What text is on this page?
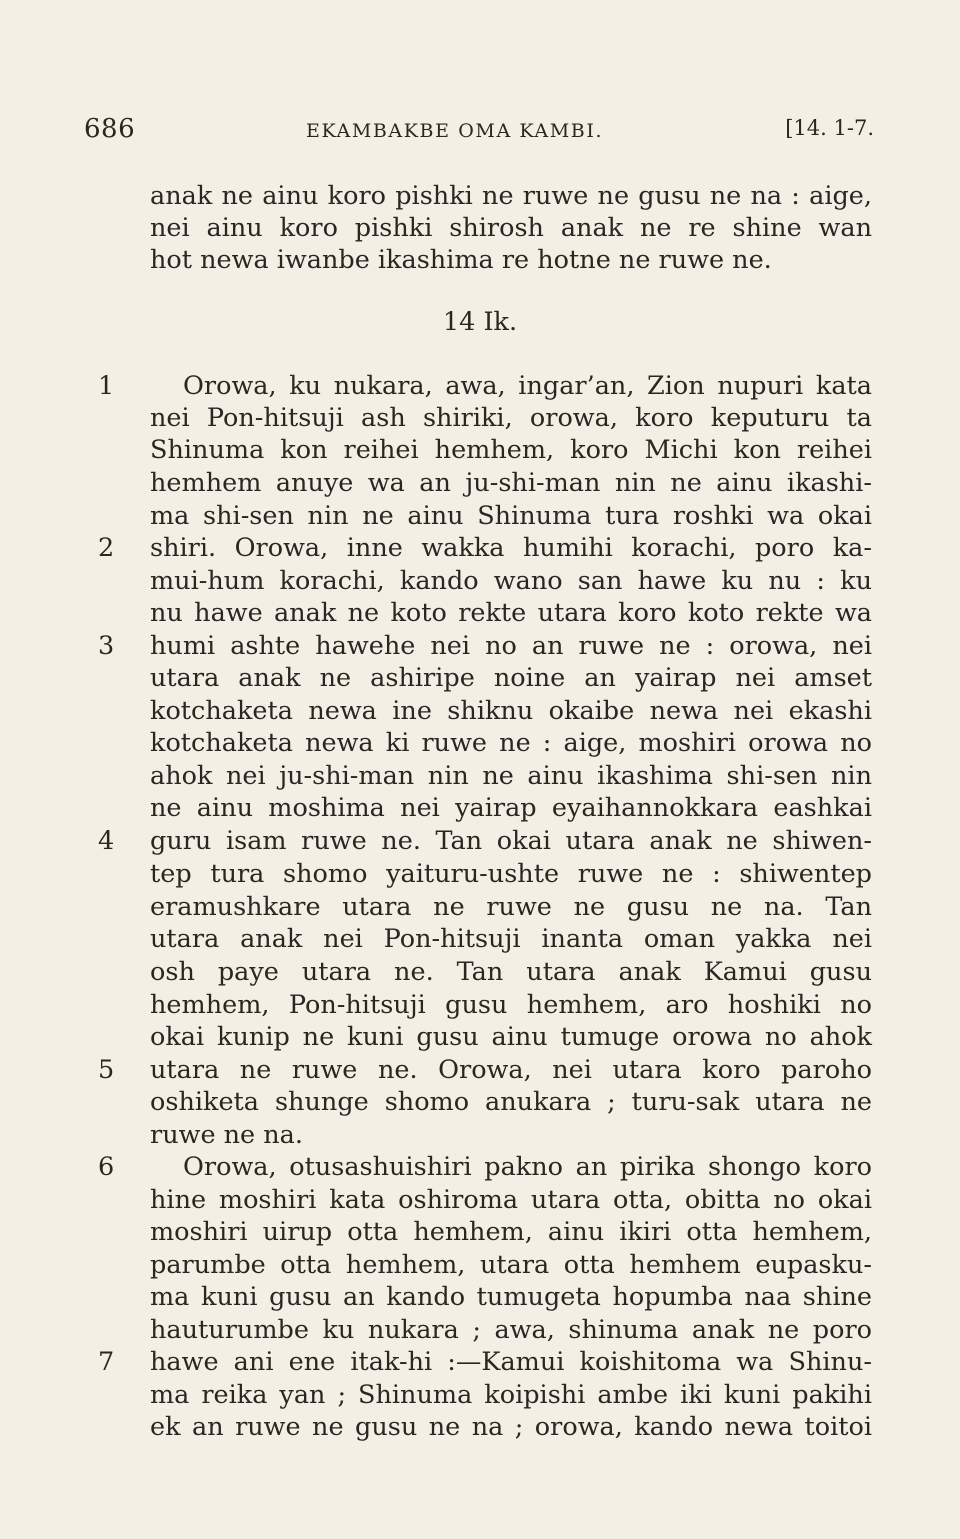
686	EKAMBAKBE OMA KAMBI.	[14. 1-7.
anak ne ainu koro pishki ne ruwe ne gusu ne na : aige,
nei ainu koro pishki shirosh anak ne re shine wan
hot newa iwanbe ikashima re hotne ne ruwe ne.
14 Ik.
Orowa, ku nukara, awa, ingar’an, Zion nupuri kata
nei Pon-hitsuji ash shiriki, orowa, koro keputuru ta
Shinuma kon reihei hemhem, koro Michi kon reihei
hemhem anuye wa an ju-shi-man nin ne ainu ikashi-
ma shi-sen nin ne ainu Shinuma tura roshki wa okai
shiri. Orowa, inne wakka humihi korachi, poro ka-
mui-hum korachi, kando wano san hawe ku nu : ku
nu hawe anak ne koto rekte utara koro koto rekte wa
humi ashte hawehe nei no an ruwe ne : orowa, nei
utara anak ne ashiripe noine an yairap nei amset
kotchaketa newa ine shiknu okaibe newa nei ekashi
kotchaketa newa ki ruwe ne : aige, moshiri orowa no
ahok nei ju-shi-man nin ne ainu ikashima shi-sen nin
ne ainu moshima nei yairap eyaihannokkara eashkai
guru isam ruwe ne. Tan okai utara anak ne shiwen-
tep tura shomo yaituru-ushte ruwe ne : shiwentep
eramushkare utara ne ruwe ne gusu ne na. Tan
utara anak nei Pon-hitsuji inanta oman yakka nei
osh paye utara ne. Tan utara anak Kamui gusu
hemhem, Pon-hitsuji gusu hemhem, aro hoshiki no
okai kunip ne kuni gusu ainu tumuge orowa no ahok
utara ne ruwe ne. Orowa, nei utara koro paroho
oshiketa shunge shomo anukara ; turu-sak utara ne
ruwe ne na.
Orowa, otusashuishiri pakno an pirika shongo koro
hine moshiri kata oshiroma utara otta, obitta no okai
moshiri uirup otta hemhem, ainu ikiri otta hemhem,
parumbe otta hemhem, utara otta hemhem eupasku-
ma kuni gusu an kando tumugeta hopumba naa shine
hauturumbe ku nukara ; awa, shinuma anak ne poro
hawe ani ene itak-hi :—Kamui koishitoma wa Shinu-
ma reika yan ; Shinuma koipishi ambe iki kuni pakihi
ek an ruwe ne gusu ne na ; orowa, kando newa toitoi
1
2
3
4
5
6
7
